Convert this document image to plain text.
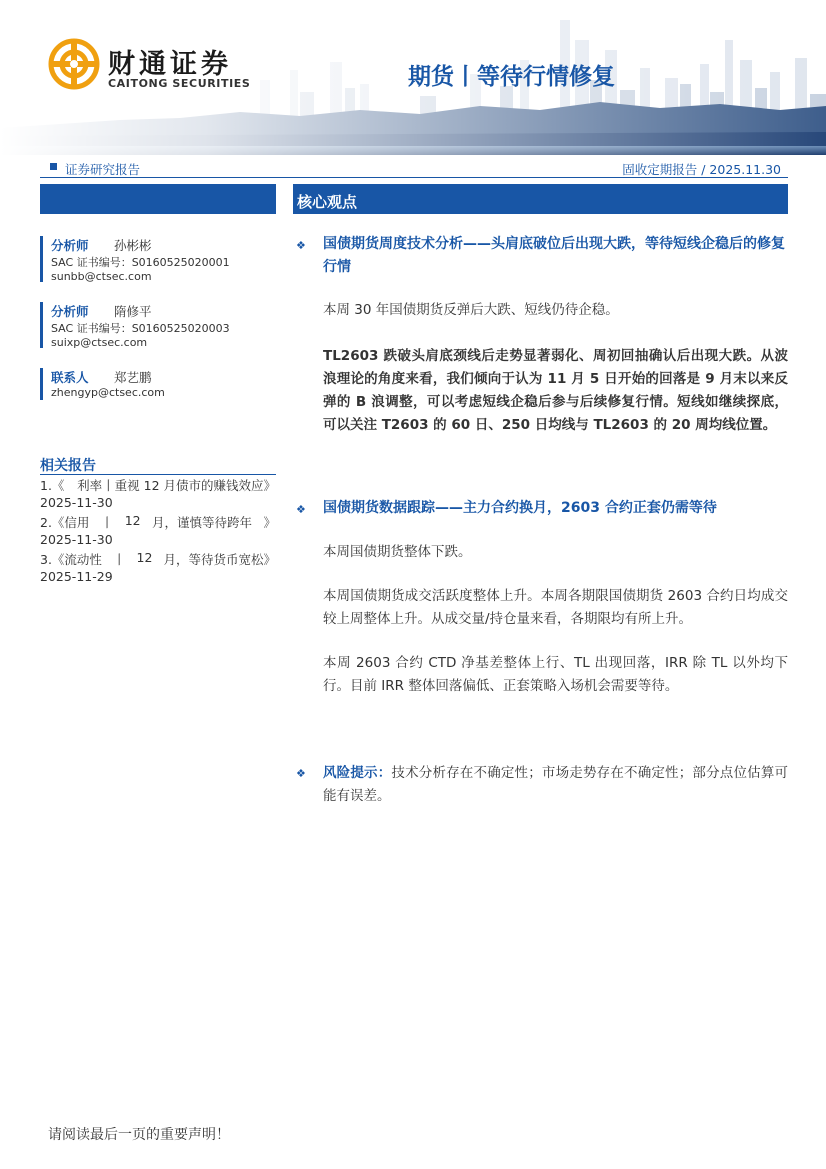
财通证券
CAITONG SECURITIES	期货丨等待行情修复
证券研究报告	固收定期报告 / 2025.11.30
核心观点
分析师 孙彬彬
SAC 证书编号：S0160525020001
sunbb@ctsec.com
分析师 隋修平
SAC 证书编号：S0160525020003
suixp@ctsec.com
联系人 郑艺鹏
zhengyp@ctsec.com
相关报告
1.《 利率丨重视 12 月债市的赚钱效应》
2025-11-30
2.《信用 丨 12 月，谨慎等待跨年 》
2025-11-30
3.《流动性 丨 12 月，等待货币宽松》
2025-11-29
❖ 国债期货周度技术分析——头肩底破位后出现大跌，等待短线企稳后的修复行情
本周 30 年国债期货反弹后大跌、短线仍待企稳。
TL2603 跌破头肩底颈线后走势显著弱化、周初回抽确认后出现大跌。从波浪理论的角度来看，我们倾向于认为 11 月 5 日开始的回落是 9 月末以来反弹的 B 浪调整，可以考虑短线企稳后参与后续修复行情。短线如继续探底，可以关注 T2603 的 60 日、250 日均线与 TL2603 的 20 周均线位置。
❖ 国债期货数据跟踪——主力合约换月，2603 合约正套仍需等待
本周国债期货整体下跌。
本周国债期货成交活跃度整体上升。本周各期限国债期货 2603 合约日均成交较上周整体上升。从成交量/持仓量来看，各期限均有所上升。
本周 2603 合约 CTD 净基差整体上行、TL 出现回落，IRR 除 TL 以外均下行。目前 IRR 整体回落偏低、正套策略入场机会需要等待。
❖ 风险提示：技术分析存在不确定性；市场走势存在不确定性；部分点位估算可能有误差。
请阅读最后一页的重要声明！
